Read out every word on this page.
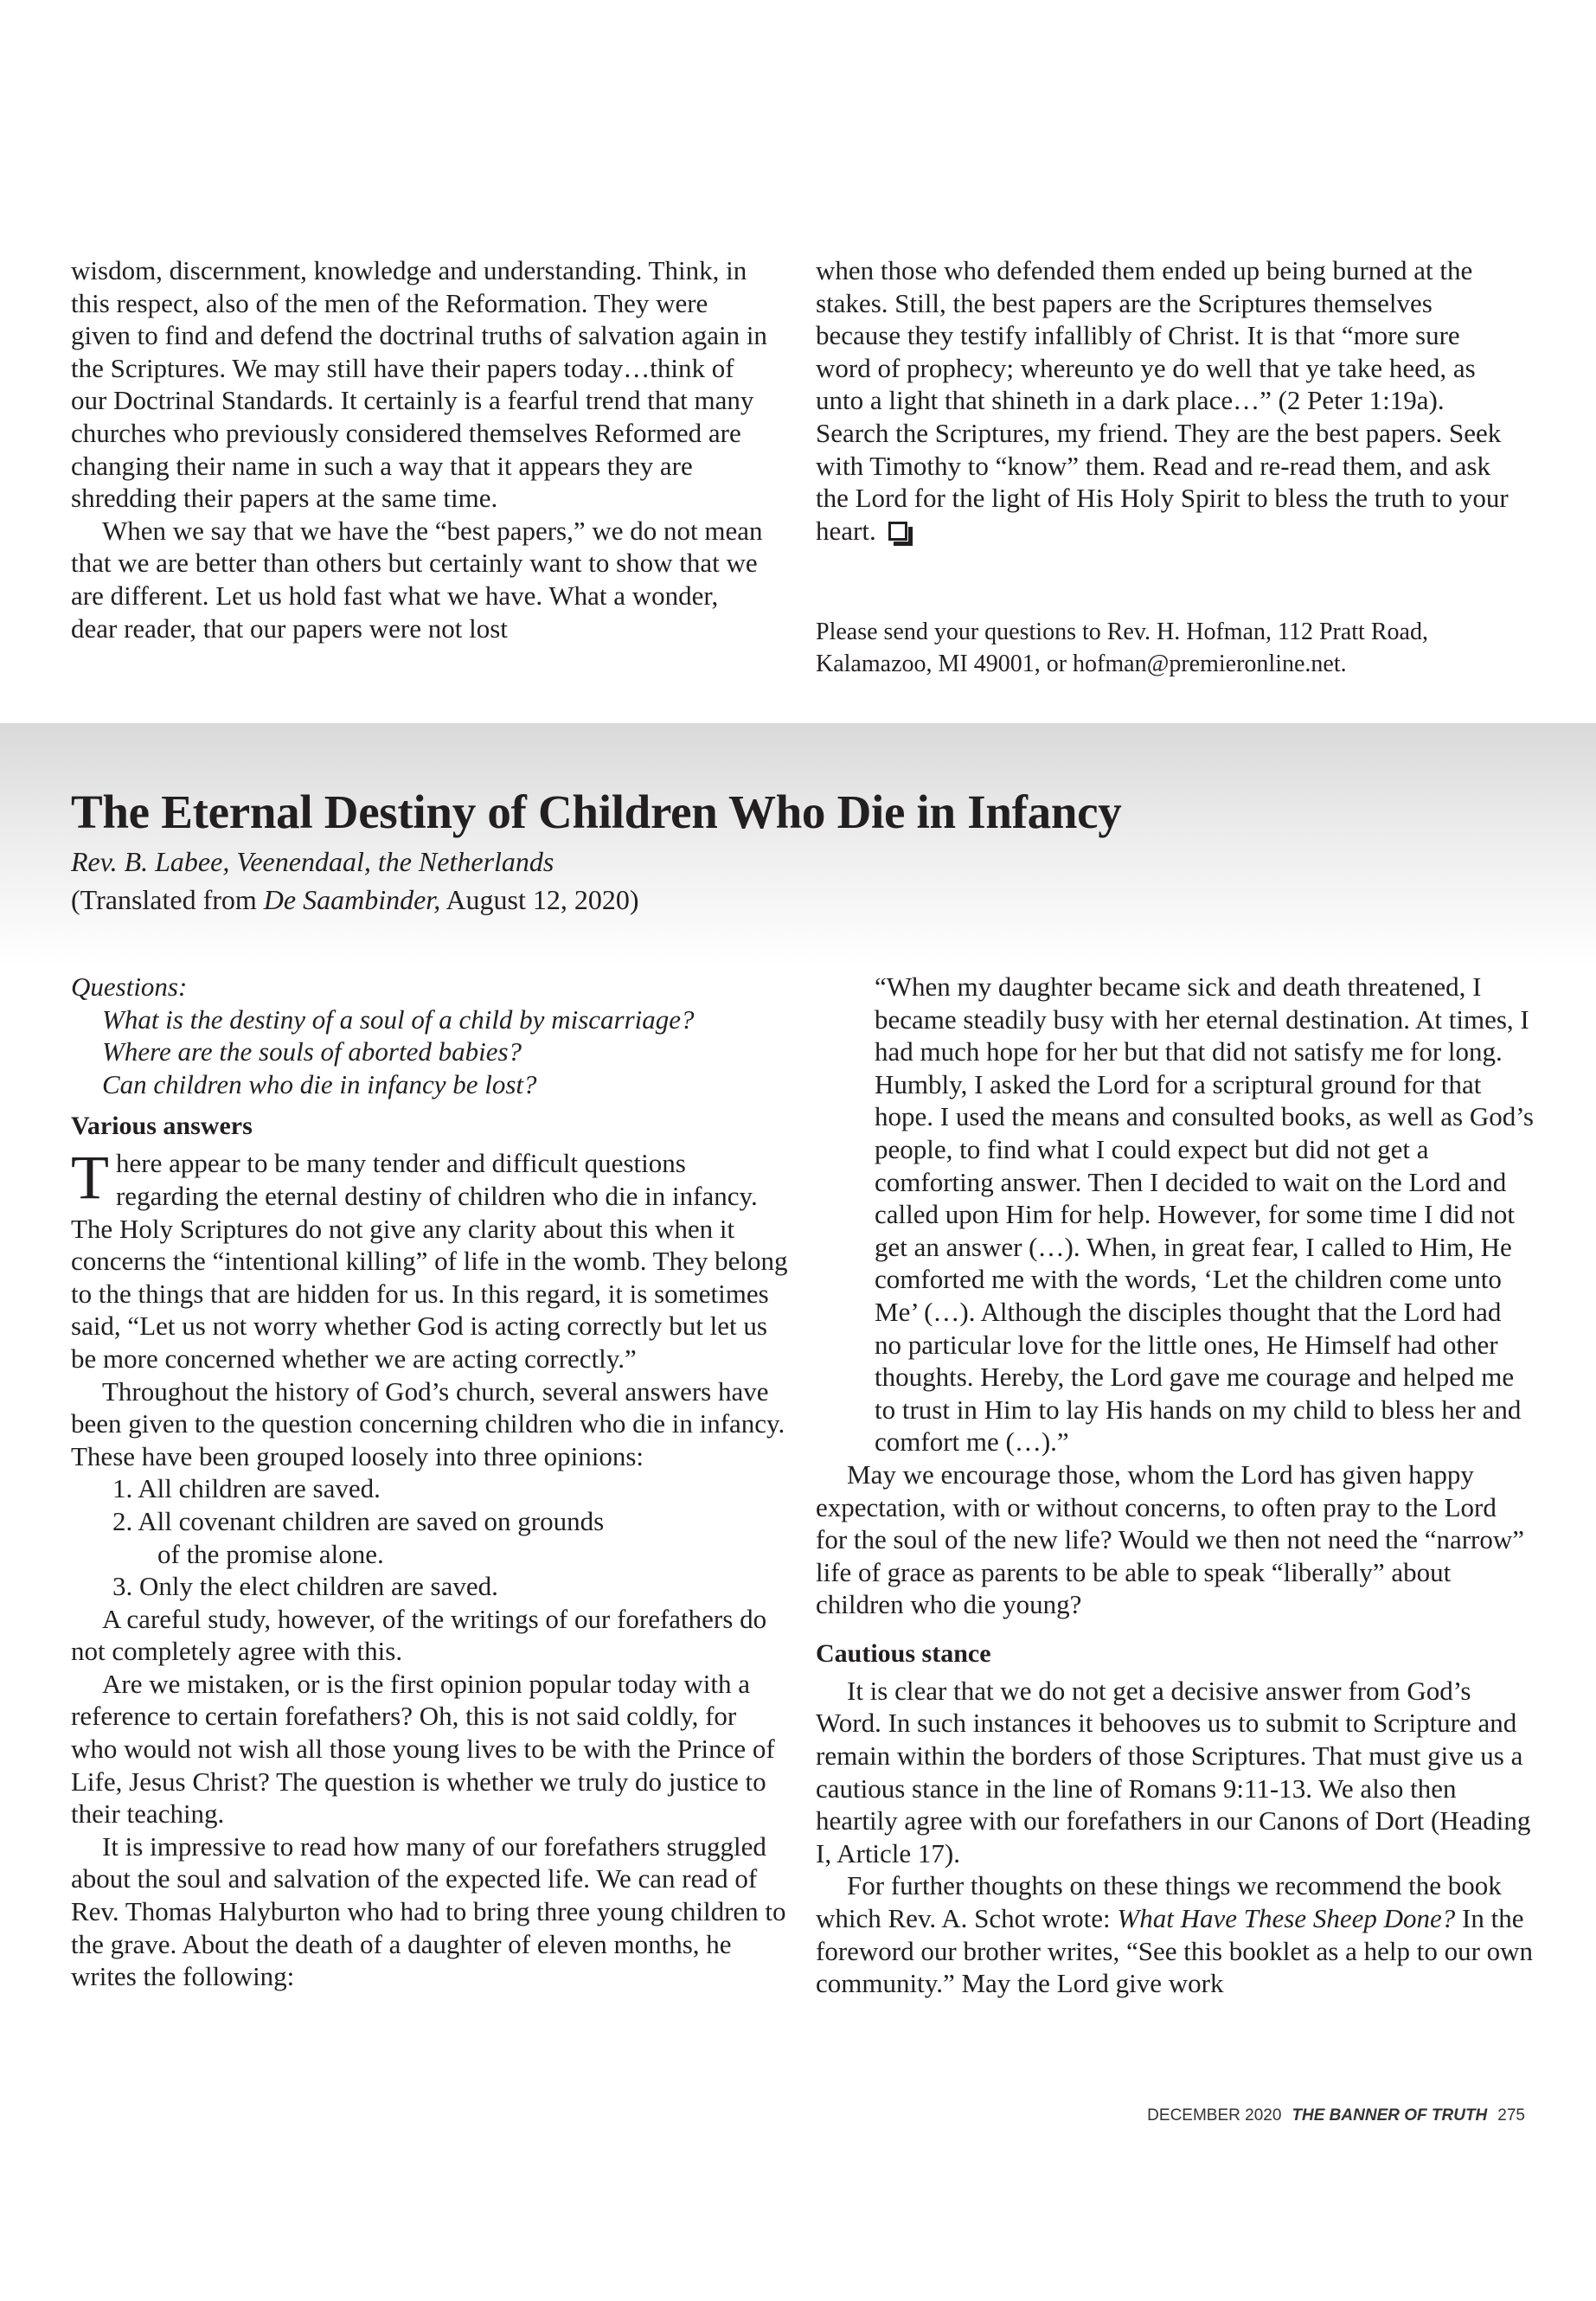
wisdom, discernment, knowledge and understanding. Think, in this respect, also of the men of the Reformation. They were given to find and defend the doctrinal truths of salvation again in the Scriptures. We may still have their papers today…think of our Doctrinal Standards. It certainly is a fearful trend that many churches who previously considered themselves Reformed are changing their name in such a way that it appears they are shredding their papers at the same time.

When we say that we have the “best papers,” we do not mean that we are better than others but certainly want to show that we are different. Let us hold fast what we have. What a wonder, dear reader, that our papers were not lost

when those who defended them ended up being burned at the stakes. Still, the best papers are the Scriptures themselves because they testify infallibly of Christ. It is that “more sure word of prophecy; whereunto ye do well that ye take heed, as unto a light that shineth in a dark place…” (2 Peter 1:19a). Search the Scriptures, my friend. They are the best papers. Seek with Timothy to “know” them. Read and re-read them, and ask the Lord for the light of His Holy Spirit to bless the truth to your heart.

Please send your questions to Rev. H. Hofman, 112 Pratt Road, Kalamazoo, MI 49001, or hofman@premieronline.net.
The Eternal Destiny of Children Who Die in Infancy
Rev. B. Labee, Veenendaal, the Netherlands
(Translated from De Saambinder, August 12, 2020)

Questions:

What is the destiny of a soul of a child by miscarriage?

Where are the souls of aborted babies?

Can children who die in infancy be lost?

Various answers

There appear to be many tender and difficult questions regarding the eternal destiny of children who die in infancy. The Holy Scriptures do not give any clarity about this when it concerns the “intentional killing” of life in the womb. They belong to the things that are hidden for us. In this regard, it is sometimes said, “Let us not worry whether God is acting correctly but let us be more concerned whether we are acting correctly.”

Throughout the history of God’s church, several answers have been given to the question concerning children who die in infancy. These have been grouped loosely into three opinions:

1. All children are saved.

2. All covenant children are saved on grounds

of the promise alone.

3. Only the elect children are saved.

A careful study, however, of the writings of our forefathers do not completely agree with this.

Are we mistaken, or is the first opinion popular today with a reference to certain forefathers? Oh, this is not said coldly, for who would not wish all those young lives to be with the Prince of Life, Jesus Christ? The question is whether we truly do justice to their teaching.

It is impressive to read how many of our forefathers struggled about the soul and salvation of the expected life. We can read of Rev. Thomas Halyburton who had to bring three young children to the grave. About the death of a daughter of eleven months, he writes the following:

“When my daughter became sick and death threatened, I became steadily busy with her eternal destination. At times, I had much hope for her but that did not satisfy me for long. Humbly, I asked the Lord for a scriptural ground for that hope. I used the means and consulted books, as well as God’s people, to find what I could expect but did not get a comforting answer. Then I decided to wait on the Lord and called upon Him for help. However, for some time I did not get an answer (…). When, in great fear, I called to Him, He comforted me with the words, ‘Let the children come unto Me’ (…). Although the disciples thought that the Lord had no particular love for the little ones, He Himself had other thoughts. Hereby, the Lord gave me courage and helped me to trust in Him to lay His hands on my child to bless her and comfort me (…).”

May we encourage those, whom the Lord has given happy expectation, with or without concerns, to often pray to the Lord for the soul of the new life? Would we then not need the “narrow” life of grace as parents to be able to speak “liberally” about children who die young?

Cautious stance

It is clear that we do not get a decisive answer from God’s Word. In such instances it behooves us to submit to Scripture and remain within the borders of those Scriptures. That must give us a cautious stance in the line of Romans 9:11-13. We also then heartily agree with our forefathers in our Canons of Dort (Heading I, Article 17).

For further thoughts on these things we recommend the book which Rev. A. Schot wrote: What Have These Sheep Done? In the foreword our brother writes, “See this booklet as a help to our own community.” May the Lord give work

DECEMBER 2020 THE BANNER OF TRUTH 275
